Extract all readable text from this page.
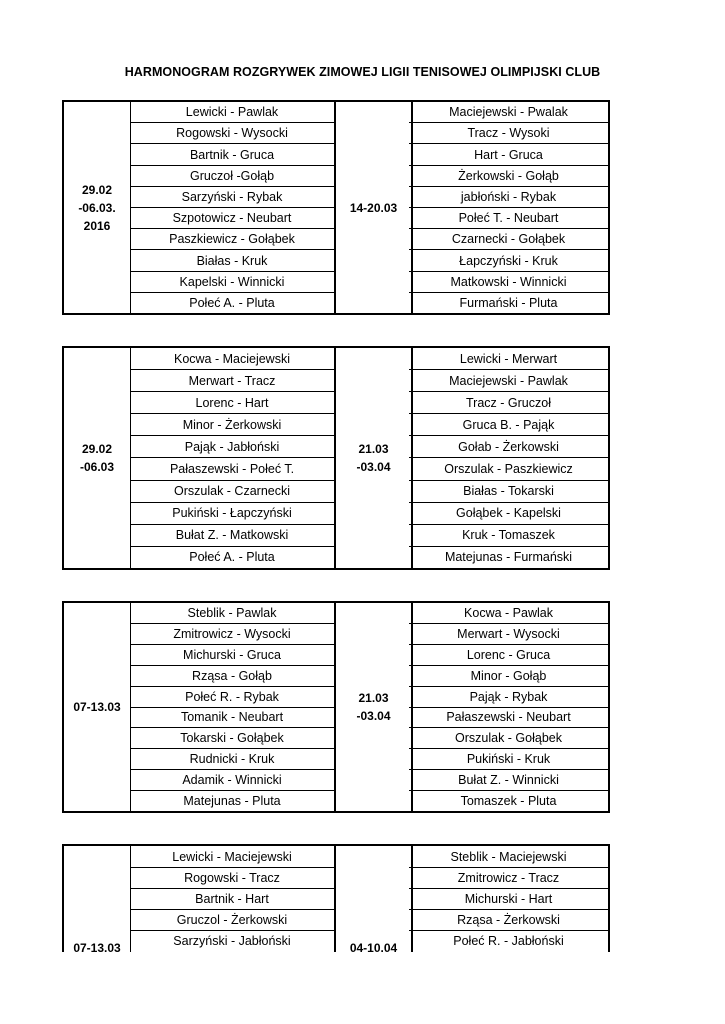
HARMONOGRAM ROZGRYWEK ZIMOWEJ LIGII TENISOWEJ OLIMPIJSKI CLUB
29.02
-06.03.
2016
Lewicki - Pawlak
Rogowski - Wysocki
Bartnik - Gruca
Gruczoł -Gołąb
Sarzyński - Rybak
Szpotowicz - Neubart
Paszkiewicz - Gołąbek
Białas - Kruk
Kapelski - Winnicki
Połeć A. - Pluta
14-20.03
Maciejewski - Pwalak
Tracz - Wysoki
Hart - Gruca
Żerkowski - Gołąb
jabłoński - Rybak
Połeć T. - Neubart
Czarnecki - Gołąbek
Łapczyński - Kruk
Matkowski - Winnicki
Furmański - Pluta
29.02
-06.03
Kocwa - Maciejewski
Merwart - Tracz
Lorenc - Hart
Minor - Żerkowski
Pająk - Jabłoński
Pałaszewski - Połeć T.
Orszulak - Czarnecki
Pukiński - Łapczyński
Bułat Z. - Matkowski
Połeć A. - Pluta
21.03
-03.04
Lewicki - Merwart
Maciejewski - Pawlak
Tracz - Gruczoł
Gruca B. - Pająk
Gołab - Żerkowski
Orszulak - Paszkiewicz
Białas - Tokarski
Gołąbek - Kapelski
Kruk - Tomaszek
Matejunas - Furmański
07-13.03
Steblik - Pawlak
Zmitrowicz - Wysocki
Michurski - Gruca
Rząsa - Gołąb
Połeć R. - Rybak
Tomanik - Neubart
Tokarski - Gołąbek
Rudnicki - Kruk
Adamik - Winnicki
Matejunas - Pluta
21.03
-03.04
Kocwa - Pawlak
Merwart - Wysocki
Lorenc - Gruca
Minor - Gołąb
Pająk - Rybak
Pałaszewski - Neubart
Orszulak - Gołąbek
Pukiński - Kruk
Bułat Z. - Winnicki
Tomaszek - Pluta
07-13.03
Lewicki - Maciejewski
Rogowski - Tracz
Bartnik - Hart
Gruczol - Żerkowski
Sarzyński - Jabłoński	04-10.04
Steblik - Maciejewski
Zmitrowicz - Tracz
Michurski - Hart
Rząsa - Żerkowski
Połeć R. - Jabłoński
